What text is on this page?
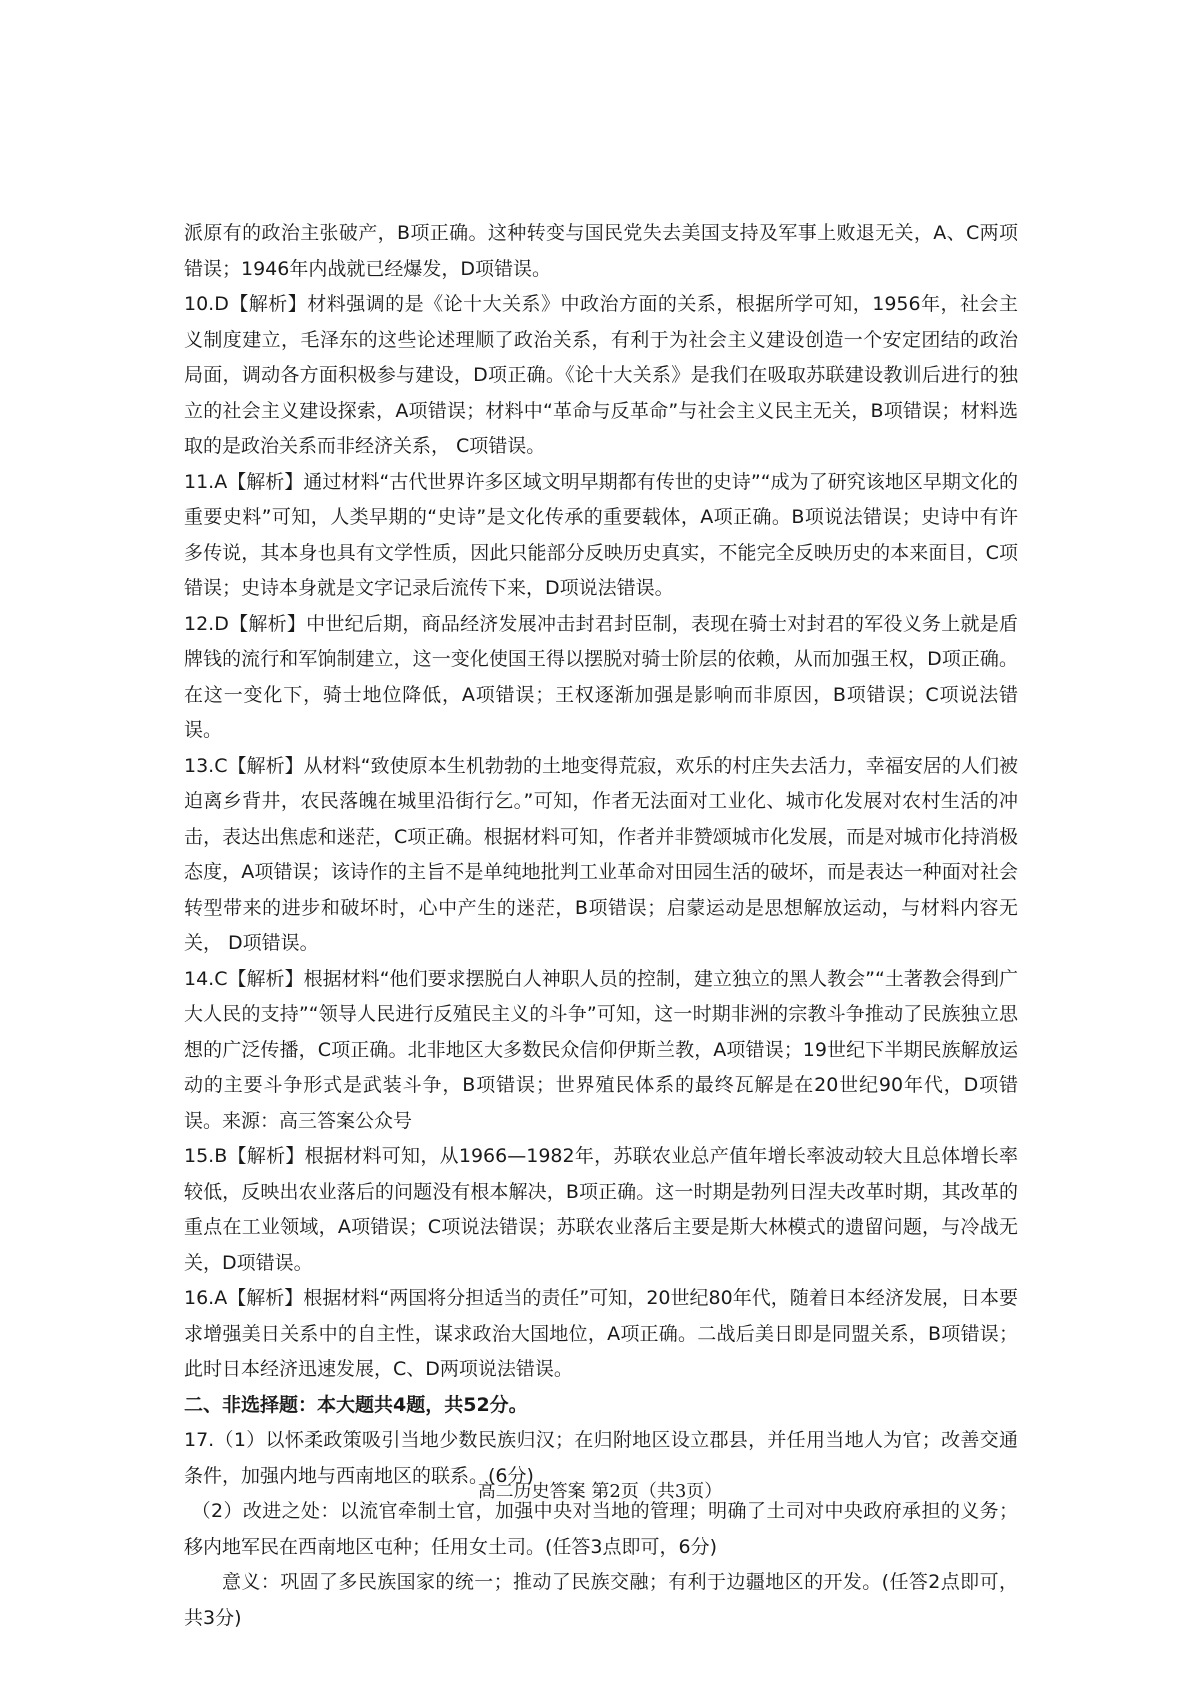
派原有的政治主张破产，B项正确。这种转变与国民党失去美国支持及军事上败退无关，A、C两项错误；1946年内战就已经爆发，D项错误。

10.D【解析】材料强调的是《论十大关系》中政治方面的关系，根据所学可知，1956年，社会主义制度建立，毛泽东的这些论述理顺了政治关系，有利于为社会主义建设创造一个安定团结的政治局面，调动各方面积极参与建设，D项正确。《论十大关系》是我们在吸取苏联建设教训后进行的独立的社会主义建设探索，A项错误；材料中“革命与反革命”与社会主义民主无关，B项错误；材料选取的是政治关系而非经济关系， C项错误。

11.A【解析】通过材料“古代世界许多区域文明早期都有传世的史诗”“成为了研究该地区早期文化的重要史料”可知，人类早期的“史诗”是文化传承的重要载体，A项正确。B项说法错误；史诗中有许多传说，其本身也具有文学性质，因此只能部分反映历史真实，不能完全反映历史的本来面目，C项错误；史诗本身就是文字记录后流传下来，D项说法错误。

12.D【解析】中世纪后期，商品经济发展冲击封君封臣制，表现在骑士对封君的军役义务上就是盾牌钱的流行和军饷制建立，这一变化使国王得以摆脱对骑士阶层的依赖，从而加强王权，D项正确。在这一变化下，骑士地位降低，A项错误；王权逐渐加强是影响而非原因，B项错误；C项说法错误。

13.C【解析】从材料“致使原本生机勃勃的土地变得荒寂，欢乐的村庄失去活力，幸福安居的人们被迫离乡背井，农民落魄在城里沿街行乞。”可知，作者无法面对工业化、城市化发展对农村生活的冲击，表达出焦虑和迷茫，C项正确。根据材料可知，作者并非赞颂城市化发展，而是对城市化持消极态度，A项错误；该诗作的主旨不是单纯地批判工业革命对田园生活的破坏，而是表达一种面对社会转型带来的进步和破坏时，心中产生的迷茫，B项错误；启蒙运动是思想解放运动，与材料内容无关， D项错误。

14.C【解析】根据材料“他们要求摆脱白人神职人员的控制，建立独立的黑人教会”“土著教会得到广大人民的支持”“领导人民进行反殖民主义的斗争”可知，这一时期非洲的宗教斗争推动了民族独立思想的广泛传播，C项正确。北非地区大多数民众信仰伊斯兰教，A项错误；19世纪下半期民族解放运动的主要斗争形式是武装斗争，B项错误；世界殖民体系的最终瓦解是在20世纪90年代，D项错误。来源：高三答案公众号

15.B【解析】根据材料可知，从1966—1982年，苏联农业总产值年增长率波动较大且总体增长率较低，反映出农业落后的问题没有根本解决，B项正确。这一时期是勃列日涅夫改革时期，其改革的重点在工业领域，A项错误；C项说法错误；苏联农业落后主要是斯大林模式的遗留问题，与冷战无关，D项错误。

16.A【解析】根据材料“两国将分担适当的责任”可知，20世纪80年代，随着日本经济发展，日本要求增强美日关系中的自主性，谋求政治大国地位，A项正确。二战后美日即是同盟关系，B项错误；此时日本经济迅速发展，C、D两项说法错误。

二、非选择题：本大题共4题，共52分。

17.（1）以怀柔政策吸引当地少数民族归汉；在归附地区设立郡县，并任用当地人为官；改善交通条件，加强内地与西南地区的联系。(6分)

（2）改进之处：以流官牵制土官，加强中央对当地的管理；明确了土司对中央政府承担的义务；移内地军民在西南地区屯种；任用女土司。(任答3点即可，6分)

意义：巩固了多民族国家的统一；推动了民族交融；有利于边疆地区的开发。(任答2点即可，共3分)

高二历史答案 第2页（共3页）
